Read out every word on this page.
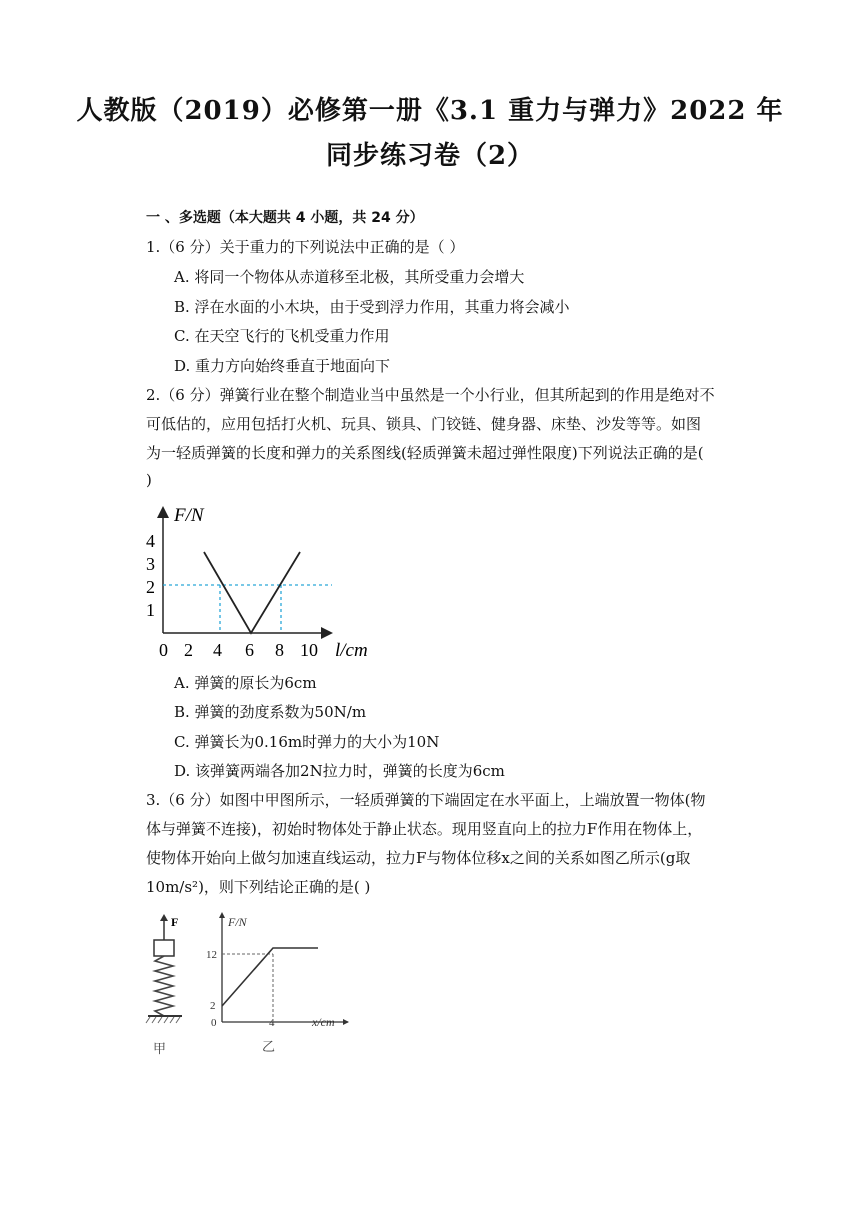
人教版（2019）必修第一册《3.1 重力与弹力》2022 年
同步练习卷（2）
一 、多选题（本大题共 4 小题，共 24 分）
1.（6 分）关于重力的下列说法中正确的是（ ）
A. 将同一个物体从赤道移至北极，其所受重力会增大
B. 浮在水面的小木块，由于受到浮力作用，其重力将会减小
C. 在天空飞行的飞机受重力作用
D. 重力方向始终垂直于地面向下
2.（6 分）弹簧行业在整个制造业当中虽然是一个小行业，但其所起到的作用是绝对不
可低估的，应用包括打火机、玩具、锁具、门铰链、健身器、床垫、沙发等等。如图
为一轻质弹簧的长度和弹力的关系图线(轻质弹簧未超过弹性限度)下列说法正确的是(
)
F/N
4
3
2
1
0 2 4 6 8 10 l/cm
A. 弹簧的原长为6cm
B. 弹簧的劲度系数为50N/m
C. 弹簧长为0.16m时弹力的大小为10N
D. 该弹簧两端各加2N拉力时，弹簧的长度为6cm
3.（6 分）如图中甲图所示，一轻质弹簧的下端固定在水平面上，上端放置一物体(物
体与弹簧不连接)，初始时物体处于静止状态。现用竖直向上的拉力F作用在物体上，
使物体开始向上做匀加速直线运动，拉力F与物体位移x之间的关系如图乙所示(g取
10m/s²)，则下列结论正确的是( )
F
甲
F/N
12
2
0	4	x/cm
乙
